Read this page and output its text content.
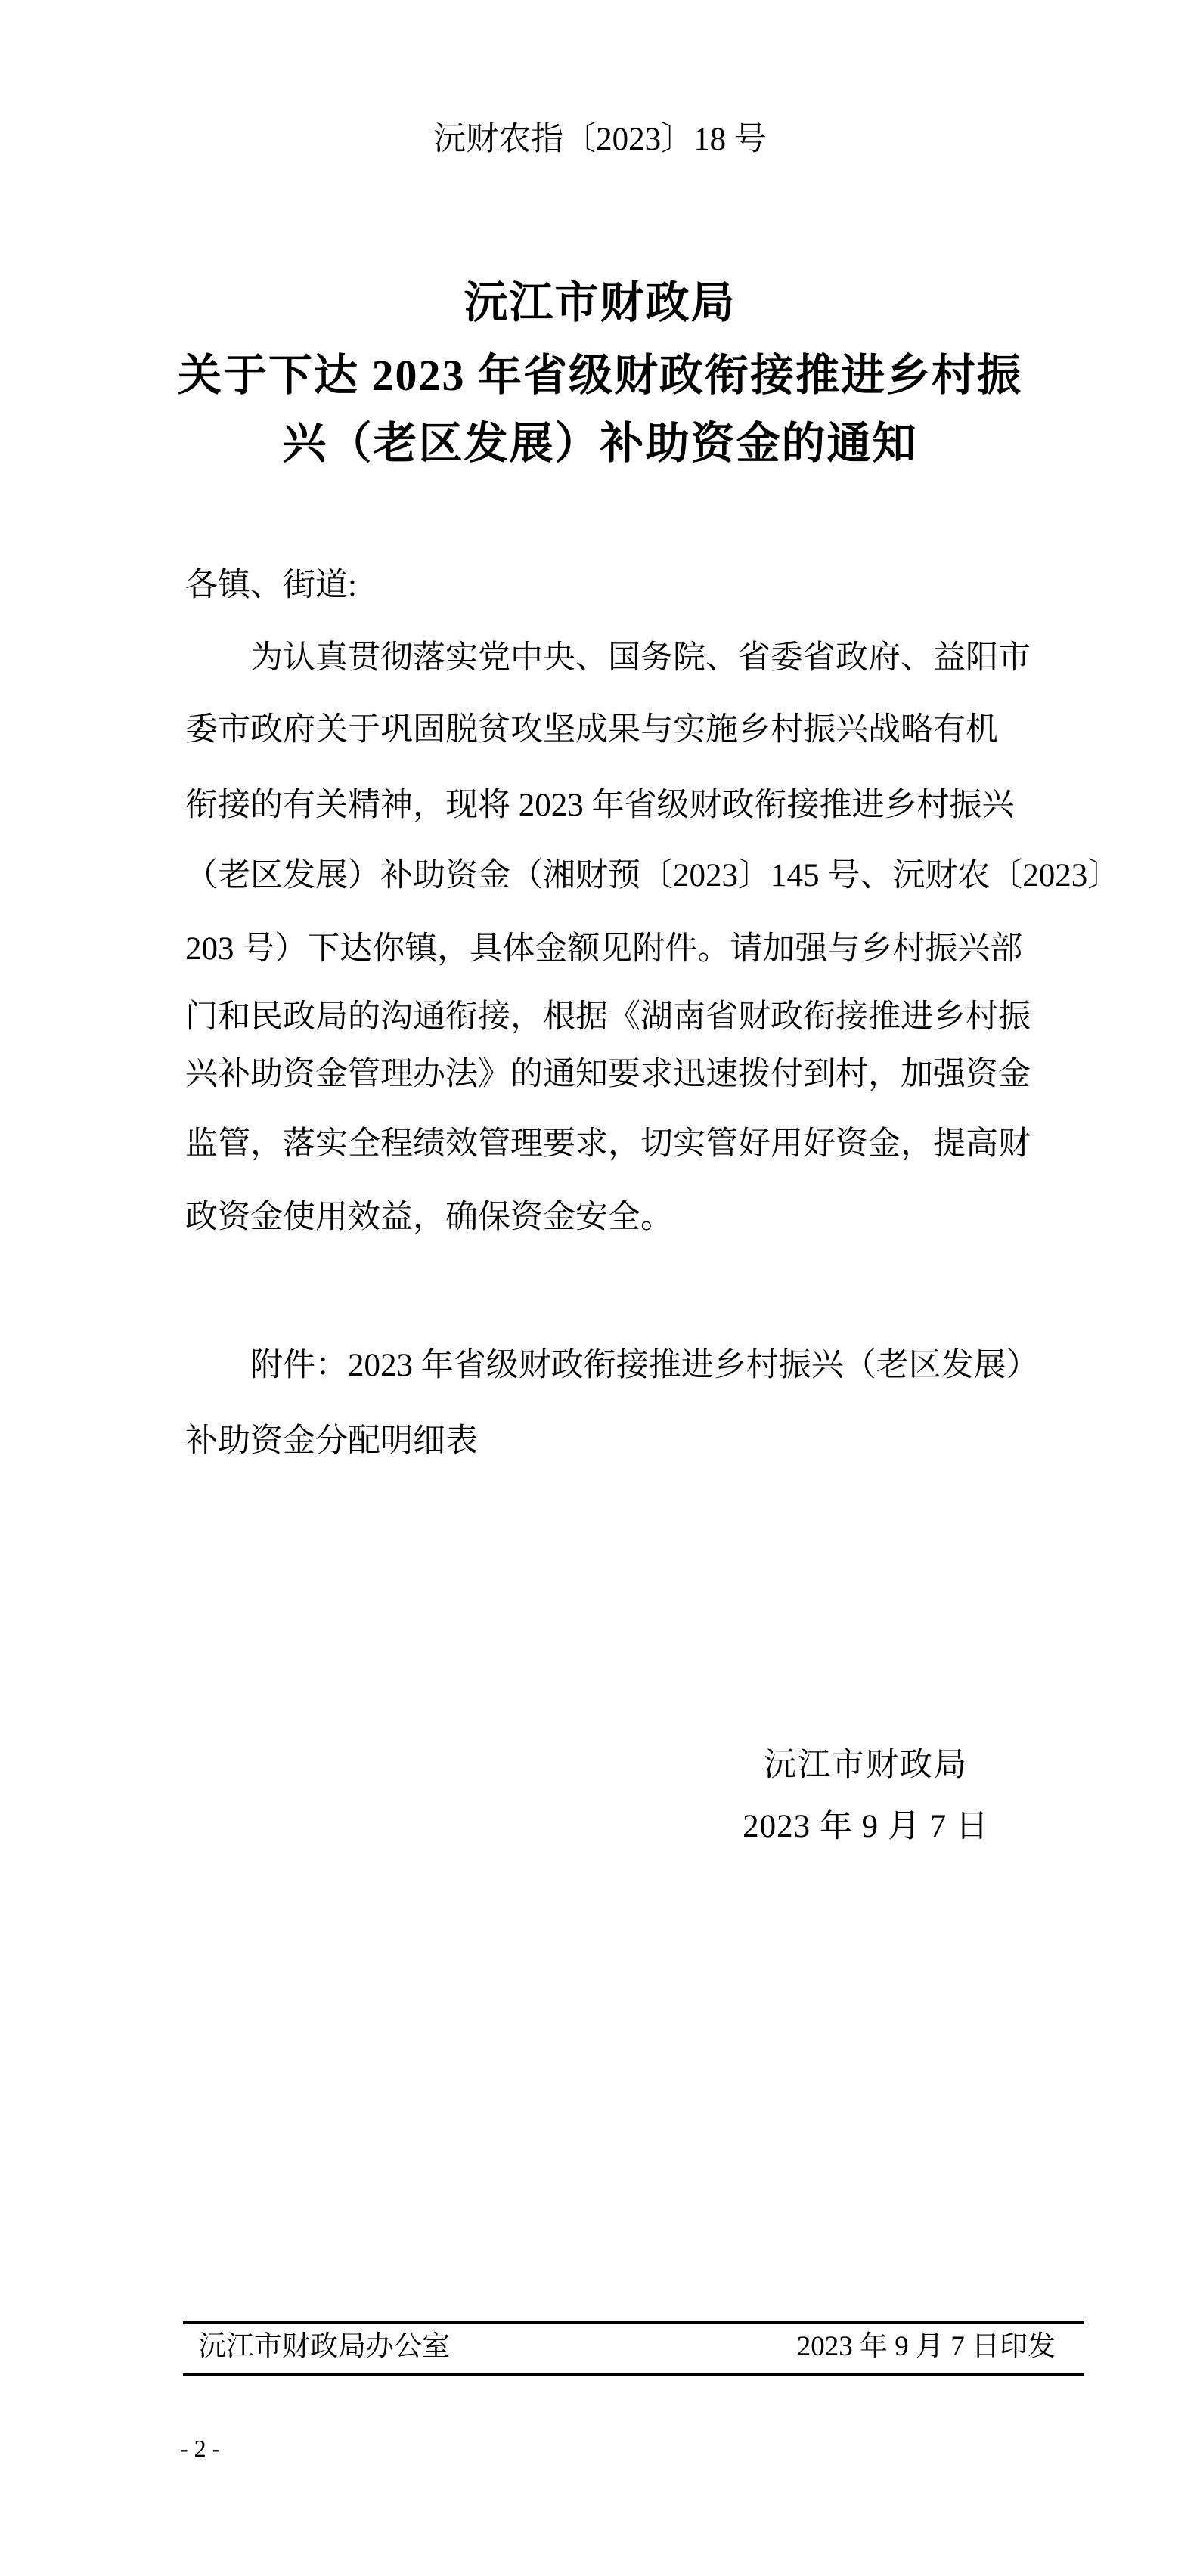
沅财农指〔2023〕18 号
沅江市财政局
关于下达 2023 年省级财政衔接推进乡村振
兴（老区发展）补助资金的通知
各镇、街道:
为认真贯彻落实党中央、国务院、省委省政府、益阳市
委市政府关于巩固脱贫攻坚成果与实施乡村振兴战略有机
衔接的有关精神，现将 2023 年省级财政衔接推进乡村振兴
（老区发展）补助资金（湘财预〔2023〕145 号、沅财农〔2023〕
203 号）下达你镇，具体金额见附件。请加强与乡村振兴部
门和民政局的沟通衔接，根据《湖南省财政衔接推进乡村振
兴补助资金管理办法》的通知要求迅速拨付到村，加强资金
监管，落实全程绩效管理要求，切实管好用好资金，提高财
政资金使用效益，确保资金安全。
附件：2023 年省级财政衔接推进乡村振兴（老区发展）
补助资金分配明细表
沅江市财政局
2023 年 9 月 7 日
沅江市财政局办公室	2023 年 9 月 7 日印发
- 2 -
